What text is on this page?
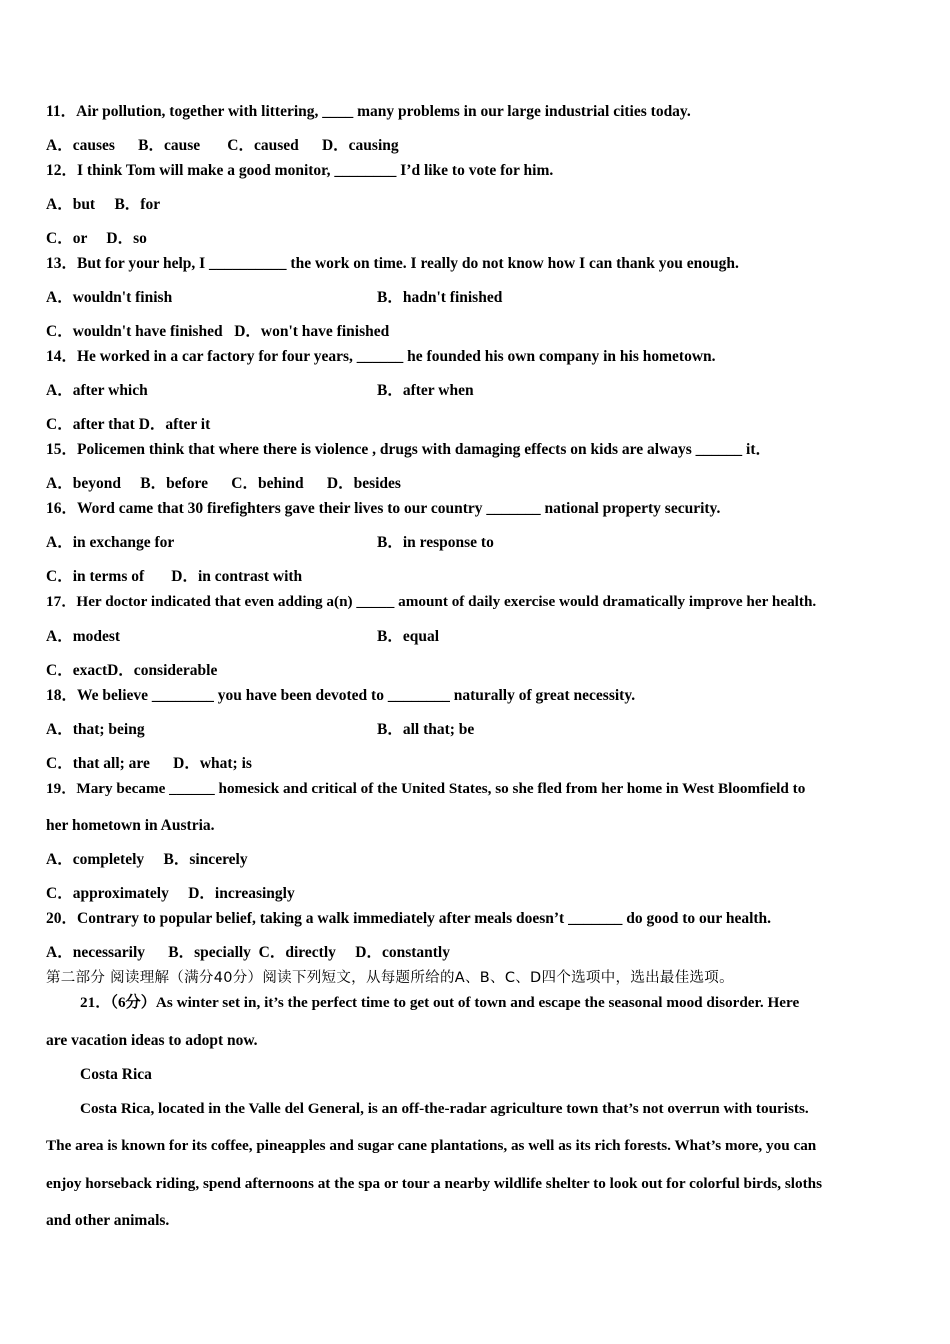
11．Air pollution, together with littering, ____ many problems in our large industrial cities today.
A．causes      B．cause       C．caused      D．causing
12．I think Tom will make a good monitor, ________ I’d like to vote for him.
A．but     B．for
C．or     D．so
13．But for your help, I __________ the work on time. I really do not know how I can thank you enough.
A．wouldn't finish	B．hadn't finished
C．wouldn't have finished   D．won't have finished
14．He worked in a car factory for four years, ______ he founded his own company in his hometown.
A．after which	B．after when
C．after that D．after it
15．Policemen think that where there is violence , drugs with damaging effects on kids are always ______ it．
A．beyond     B．before      C．behind      D．besides
16．Word came that 30 firefighters gave their lives to our country _______ national property security.
A．in exchange for	B．in response to
C．in terms of       D．in contrast with
17．Her doctor indicated that even adding a(n) _____ amount of daily exercise would dramatically improve her health.
A．modest	B．equal
C．exactD．considerable
18．We believe ________ you have been devoted to ________ naturally of great necessity.
A．that; being	B．all that; be
C．that all; are      D．what; is
19．Mary became ______ homesick and critical of the United States, so she fled from her home in West Bloomfield to
her hometown in Austria.
A．completely     B．sincerely
C．approximately     D．increasingly
20．Contrary to popular belief, taking a walk immediately after meals doesn’t _______ do good to our health.
A．necessarily      B．specially  C．directly     D．constantly
第二部分 阅读理解（满分40分）阅读下列短文，从每题所给的A、B、C、D四个选项中，选出最佳选项。
21．（6分）As winter set in, it’s the perfect time to get out of town and escape the seasonal mood disorder. Here
are vacation ideas to adopt now.
Costa Rica
Costa Rica, located in the Valle del General, is an off-the-radar agriculture town that’s not overrun with tourists.
The area is known for its coffee, pineapples and sugar cane plantations, as well as its rich forests. What’s more, you can
enjoy horseback riding, spend afternoons at the spa or tour a nearby wildlife shelter to look out for colorful birds, sloths
and other animals.
